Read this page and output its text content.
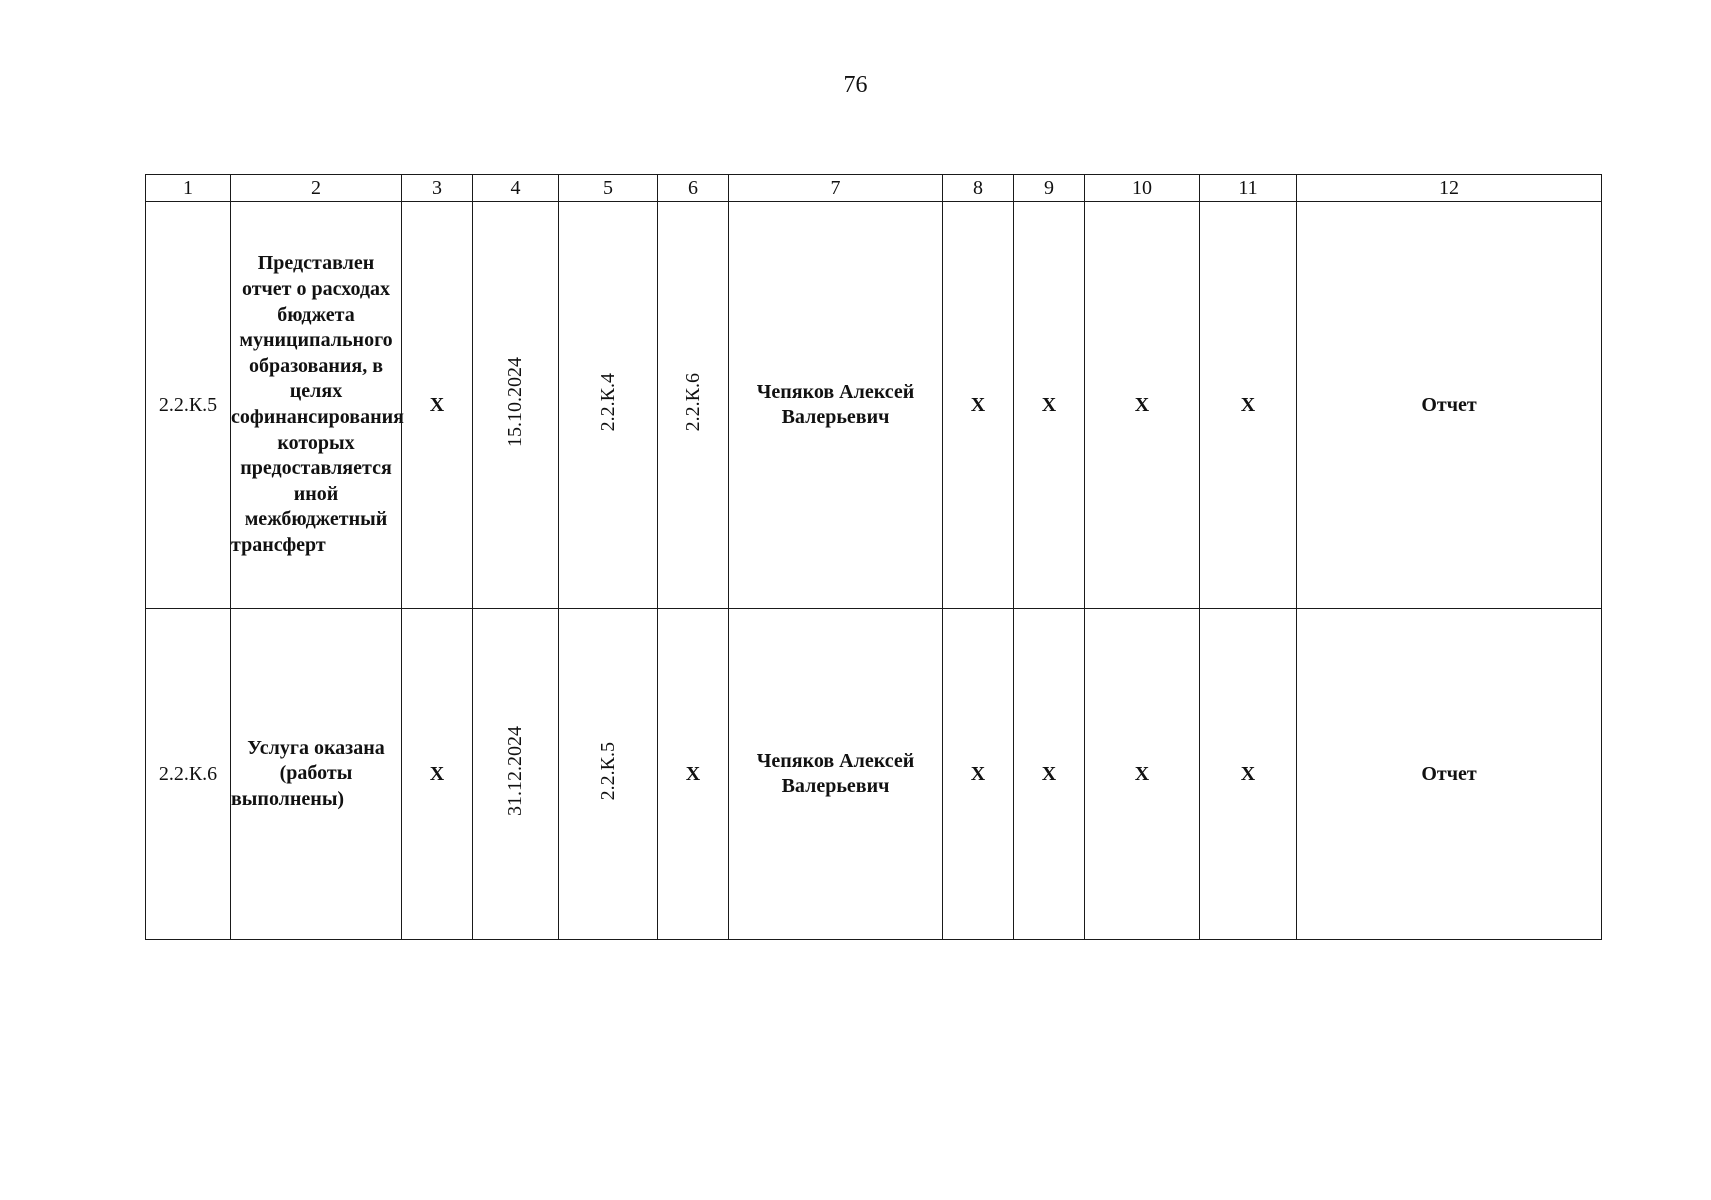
76
1	2	3	4	5	6	7	8	9	10	11	12
2.2.К.5	Представлен отчет о расходах бюджета муниципального образования, в целях софинансирования которых предоставляется иной межбюджетный трансферт	X	15.10.2024	2.2.К.4	2.2.К.6	Чепяков Алексей Валерьевич	X	X	X	X	Отчет
2.2.К.6	Услуга оказана (работы выполнены)	X	31.12.2024	2.2.К.5	X	Чепяков Алексей Валерьевич	X	X	X	X	Отчет
